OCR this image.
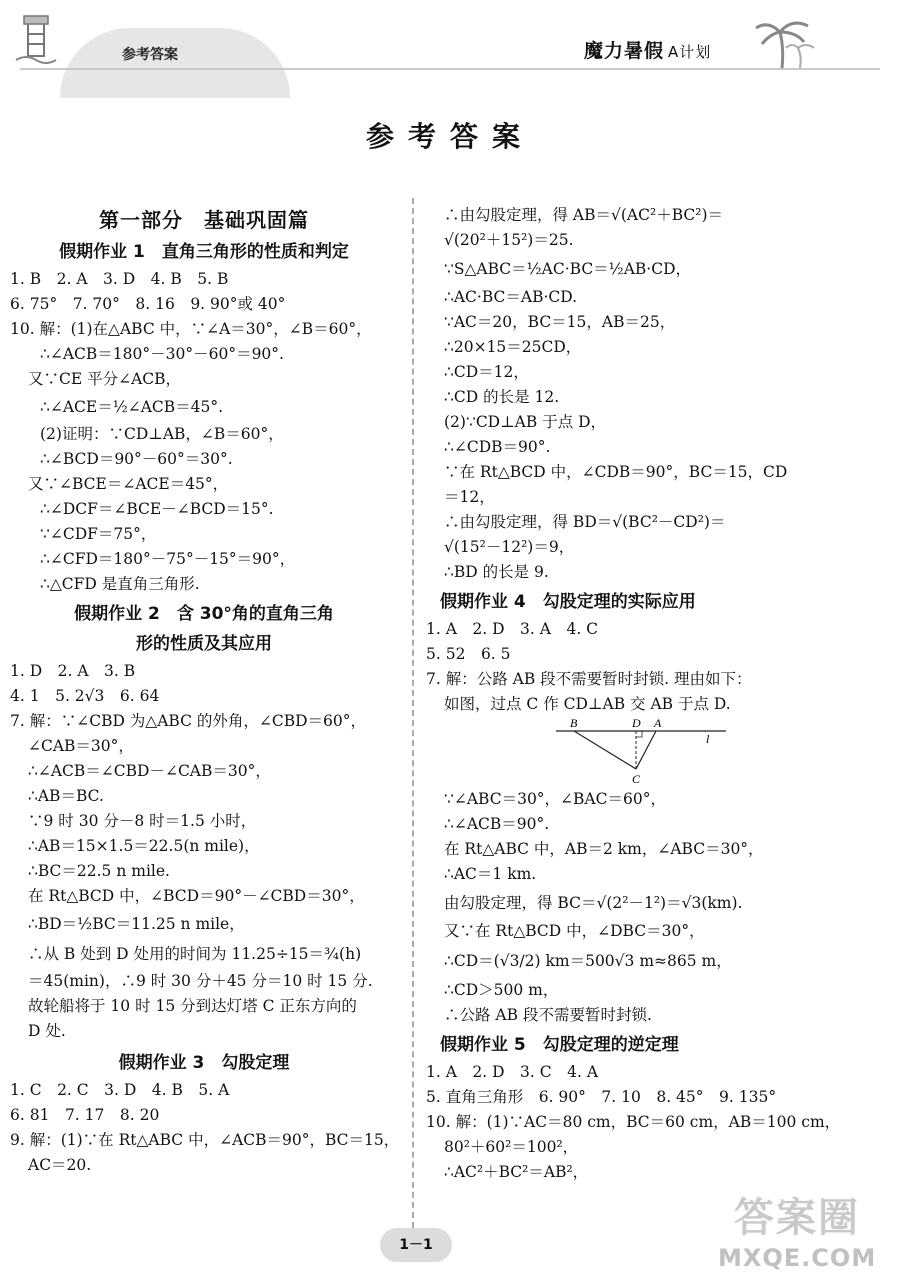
参考答案	魔力暑假 A计划
参考答案
第一部分　基础巩固篇
假期作业 1　直角三角形的性质和判定

1. B　2. A　3. D　4. B　5. B

6. 75°　7. 70°　8. 16　9. 90°或 40°

10. 解：(1)在△ABC 中，∵∠A＝30°，∠B＝60°，

∴∠ACB＝180°－30°－60°＝90°.

又∵CE 平分∠ACB，

∴∠ACE＝½∠ACB＝45°.

(2)证明：∵CD⊥AB，∠B＝60°，

∴∠BCD＝90°－60°＝30°.

又∵∠BCE＝∠ACE＝45°，

∴∠DCF＝∠BCE－∠BCD＝15°.

∵∠CDF＝75°，

∴∠CFD＝180°－75°－15°＝90°，

∴△CFD 是直角三角形.

假期作业 2　含 30°角的直角三角
形的性质及其应用

1. D　2. A　3. B

4. 1　5. 2√3　6. 64

7. 解：∵∠CBD 为△ABC 的外角，∠CBD＝60°，

∠CAB＝30°，

∴∠ACB＝∠CBD－∠CAB＝30°，

∴AB＝BC.

∵9 时 30 分－8 时＝1.5 小时，

∴AB＝15×1.5＝22.5(n mile)，

∴BC＝22.5 n mile.

在 Rt△BCD 中，∠BCD＝90°－∠CBD＝30°，

∴BD＝½BC＝11.25 n mile，

∴从 B 处到 D 处用的时间为 11.25÷15＝¾(h)

＝45(min)，∴9 时 30 分＋45 分＝10 时 15 分.

故轮船将于 10 时 15 分到达灯塔 C 正东方向的

D 处.

假期作业 3　勾股定理

1. C　2. C　3. D　4. B　5. A

6. 81　7. 17　8. 20

9. 解：(1)∵在 Rt△ABC 中，∠ACB＝90°，BC＝15，

AC＝20.

∴由勾股定理，得 AB＝√(AC²＋BC²)＝

√(20²＋15²)＝25.

∵S△ABC＝½AC·BC＝½AB·CD，

∴AC·BC＝AB·CD.

∵AC＝20，BC＝15，AB＝25，

∴20×15＝25CD，

∴CD＝12，

∴CD 的长是 12.

(2)∵CD⊥AB 于点 D，

∴∠CDB＝90°.

∵在 Rt△BCD 中，∠CDB＝90°，BC＝15，CD

＝12，

∴由勾股定理，得 BD＝√(BC²－CD²)＝

√(15²－12²)＝9，

∴BD 的长是 9.

假期作业 4　勾股定理的实际应用

1. A　2. D　3. A　4. C

5. 52　6. 5

7. 解：公路 AB 段不需要暂时封锁. 理由如下：

如图，过点 C 作 CD⊥AB 交 AB 于点 D.

B	D A
l
C

∵∠ABC＝30°，∠BAC＝60°，

∴∠ACB＝90°.

在 Rt△ABC 中，AB＝2 km，∠ABC＝30°，

∴AC＝1 km.

由勾股定理，得 BC＝√(2²－1²)＝√3(km).

又∵在 Rt△BCD 中，∠DBC＝30°，

∴CD＝(√3/2) km＝500√3 m≈865 m，

∴CD＞500 m，

∴公路 AB 段不需要暂时封锁.

假期作业 5　勾股定理的逆定理

1. A　2. D　3. C　4. A

5. 直角三角形　6. 90°　7. 10　8. 45°　9. 135°

10. 解：(1)∵AC＝80 cm，BC＝60 cm，AB＝100 cm，

80²＋60²＝100²，

∴AC²＋BC²＝AB²，

1－1
答案圈
MXQE.COM
